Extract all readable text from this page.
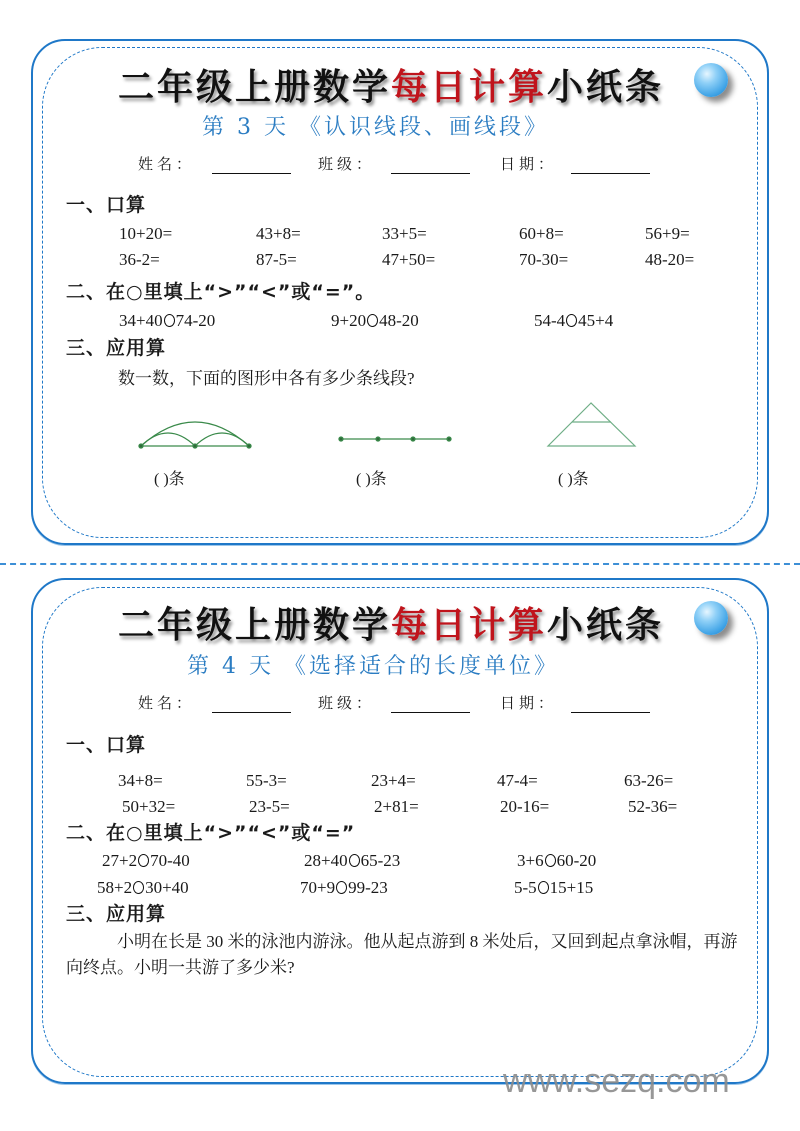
二年级上册数学每日计算小纸条
第 3 天 《认识线段、画线段》
姓名：	班级：	日期：
一、口算
10+20=	43+8=	33+5=	60+8=	56+9=
36-2=	87-5=	47+50=	70-30=	48-20=
二、在○里填上“>”“<”或“=”。
34+40 74-20	9+20 48-20	54-4 45+4
三、应用算
数一数，下面的图形中各有多少条线段?
( )条	( )条	( )条
二年级上册数学每日计算小纸条
第 4 天 《选择适合的长度单位》
姓名：	班级：	日期：
一、口算
34+8=	55-3=	23+4=	47-4=	63-26=
50+32=	23-5=	2+81=	20-16=	52-36=
二、在○里填上“>”“<”或“=”
27+2 70-40	28+40 65-23	3+6 60-20
58+2 30+40	70+9 99-23	5-5 15+15
三、应用算
小明在长是 30 米的泳池内游泳。他从起点游到 8 米处后，又回到起点拿泳帽，再游向终点。小明一共游了多少米?
www.sezq.com
